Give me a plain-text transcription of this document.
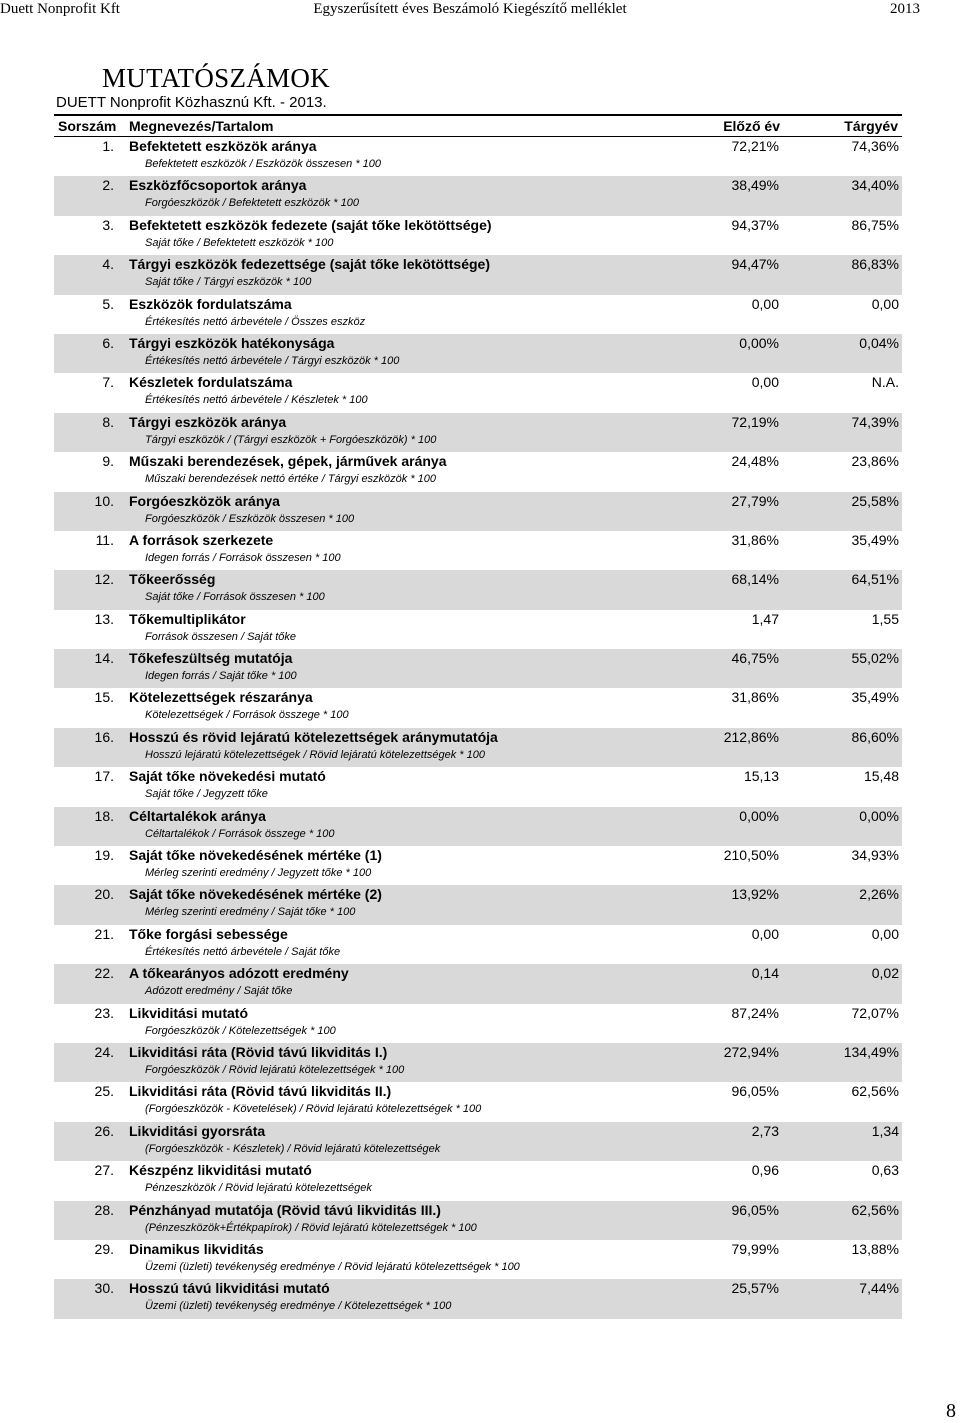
Duett Nonprofit Kft	Egyszerűsített éves Beszámoló Kiegészítő melléklet	2013
MUTATÓSZÁMOK
DUETT Nonprofit Közhasznú Kft. - 2013.
Sorszám Megnevezés/Tartalom	Előző év	Tárgyév
1. Befektetett eszközök aránya
Befektetett eszközök / Eszközök összesen * 100
72,21%	74,36%
2. Eszközfőcsoportok aránya
Forgóeszközök / Befektetett eszközök * 100
38,49%	34,40%
3. Befektetett eszközök fedezete (saját tőke lekötöttsége)
Saját tőke / Befektetett eszközök * 100
94,37%	86,75%
4. Tárgyi eszközök fedezettsége (saját tőke lekötöttsége)
Saját tőke / Tárgyi eszközök * 100
94,47%	86,83%
5. Eszközök fordulatszáma
Értékesítés nettó árbevétele / Összes eszköz
0,00	0,00
6. Tárgyi eszközök hatékonysága
Értékesítés nettó árbevétele / Tárgyi eszközök * 100
0,00%	0,04%
7. Készletek fordulatszáma
Értékesítés nettó árbevétele / Készletek * 100
0,00	N.A.
8. Tárgyi eszközök aránya
Tárgyi eszközök / (Tárgyi eszközök + Forgóeszközök) * 100
72,19%	74,39%
9. Műszaki berendezések, gépek, járművek aránya
Műszaki berendezések nettó értéke / Tárgyi eszközök * 100
24,48%	23,86%
10. Forgóeszközök aránya
Forgóeszközök / Eszközök összesen * 100
27,79%	25,58%
11. A források szerkezete
Idegen forrás / Források összesen * 100
31,86%	35,49%
12. Tőkeerősség
Saját tőke / Források összesen * 100
68,14%	64,51%
13. Tőkemultiplikátor
Források összesen / Saját tőke
1,47	1,55
14. Tőkefeszültség mutatója
Idegen forrás / Saját tőke * 100
46,75%	55,02%
15. Kötelezettségek részaránya
Kötelezettségek / Források összege * 100
31,86%	35,49%
16. Hosszú és rövid lejáratú kötelezettségek aránymutatója
Hosszú lejáratú kötelezettségek / Rövid lejáratú kötelezettségek * 100
212,86%	86,60%
17. Saját tőke növekedési mutató
Saját tőke / Jegyzett tőke
15,13	15,48
18. Céltartalékok aránya
Céltartalékok / Források összege * 100
0,00%	0,00%
19. Saját tőke növekedésének mértéke (1)
Mérleg szerinti eredmény / Jegyzett tőke * 100
210,50%	34,93%
20. Saját tőke növekedésének mértéke (2)
Mérleg szerinti eredmény / Saját tőke * 100
13,92%	2,26%
21. Tőke forgási sebessége
Értékesítés nettó árbevétele / Saját tőke
0,00	0,00
22. A tőkearányos adózott eredmény
Adózott eredmény / Saját tőke
0,14	0,02
23. Likviditási mutató
Forgóeszközök / Kötelezettségek * 100
87,24%	72,07%
24. Likviditási ráta (Rövid távú likviditás I.)
Forgóeszközök / Rövid lejáratú kötelezettségek * 100
272,94%	134,49%
25. Likviditási ráta (Rövid távú likviditás II.)
(Forgóeszközök - Követelések) / Rövid lejáratú kötelezettségek * 100
96,05%	62,56%
26. Likviditási gyorsráta
(Forgóeszközök - Készletek) / Rövid lejáratú kötelezettségek
2,73	1,34
27. Készpénz likviditási mutató
Pénzeszközök / Rövid lejáratú kötelezettségek
0,96	0,63
28. Pénzhányad mutatója (Rövid távú likviditás III.)
(Pénzeszközök+Értékpapírok) / Rövid lejáratú kötelezettségek * 100
96,05%	62,56%
29. Dinamikus likviditás
Üzemi (üzleti) tevékenység eredménye / Rövid lejáratú kötelezettségek * 100
79,99%	13,88%
30. Hosszú távú likviditási mutató
Üzemi (üzleti) tevékenység eredménye / Kötelezettségek * 100
25,57%	7,44%
8
